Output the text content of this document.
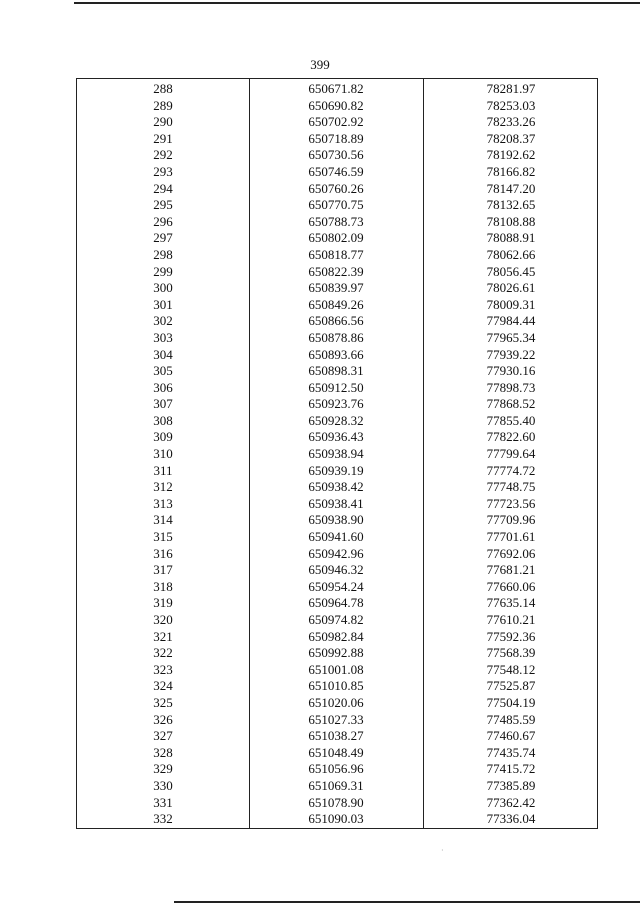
399
288	650671.82	78281.97
289	650690.82	78253.03
290	650702.92	78233.26
291	650718.89	78208.37
292	650730.56	78192.62
293	650746.59	78166.82
294	650760.26	78147.20
295	650770.75	78132.65
296	650788.73	78108.88
297	650802.09	78088.91
298	650818.77	78062.66
299	650822.39	78056.45
300	650839.97	78026.61
301	650849.26	78009.31
302	650866.56	77984.44
303	650878.86	77965.34
304	650893.66	77939.22
305	650898.31	77930.16
306	650912.50	77898.73
307	650923.76	77868.52
308	650928.32	77855.40
309	650936.43	77822.60
310	650938.94	77799.64
311	650939.19	77774.72
312	650938.42	77748.75
313	650938.41	77723.56
314	650938.90	77709.96
315	650941.60	77701.61
316	650942.96	77692.06
317	650946.32	77681.21
318	650954.24	77660.06
319	650964.78	77635.14
320	650974.82	77610.21
321	650982.84	77592.36
322	650992.88	77568.39
323	651001.08	77548.12
324	651010.85	77525.87
325	651020.06	77504.19
326	651027.33	77485.59
327	651038.27	77460.67
328	651048.49	77435.74
329	651056.96	77415.72
330	651069.31	77385.89
331	651078.90	77362.42
332	651090.03	77336.04
·
